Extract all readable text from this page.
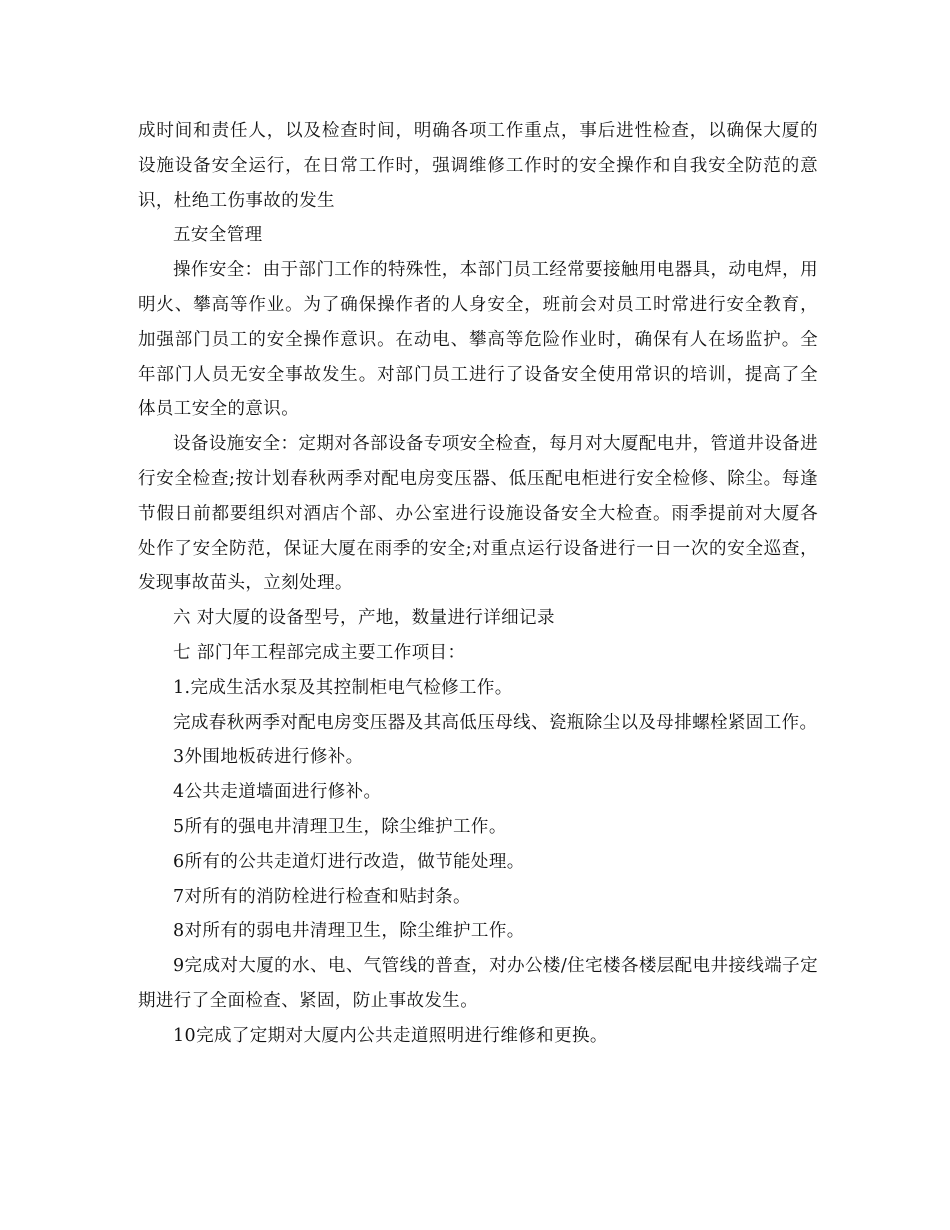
成时间和责任人，以及检查时间，明确各项工作重点，事后进性检查，以确保大厦的设施设备安全运行，在日常工作时，强调维修工作时的安全操作和自我安全防范的意识，杜绝工伤事故的发生

五安全管理

操作安全：由于部门工作的特殊性，本部门员工经常要接触用电器具，动电焊，用明火、攀高等作业。为了确保操作者的人身安全，班前会对员工时常进行安全教育，加强部门员工的安全操作意识。在动电、攀高等危险作业时，确保有人在场监护。全年部门人员无安全事故发生。对部门员工进行了设备安全使用常识的培训，提高了全体员工安全的意识。

设备设施安全：定期对各部设备专项安全检查，每月对大厦配电井，管道井设备进行安全检查;按计划春秋两季对配电房变压器、低压配电柜进行安全检修、除尘。每逢节假日前都要组织对酒店个部、办公室进行设施设备安全大检查。雨季提前对大厦各处作了安全防范，保证大厦在雨季的安全;对重点运行设备进行一日一次的安全巡查，发现事故苗头，立刻处理。

六 对大厦的设备型号，产地，数量进行详细记录

七 部门年工程部完成主要工作项目：

1.完成生活水泵及其控制柜电气检修工作。

完成春秋两季对配电房变压器及其高低压母线、瓷瓶除尘以及母排螺栓紧固工作。

3外围地板砖进行修补。

4公共走道墙面进行修补。

5所有的强电井清理卫生，除尘维护工作。

6所有的公共走道灯进行改造，做节能处理。

7对所有的消防栓进行检查和贴封条。

8对所有的弱电井清理卫生，除尘维护工作。

9完成对大厦的水、电、气管线的普查，对办公楼/住宅楼各楼层配电井接线端子定期进行了全面检查、紧固，防止事故发生。

10完成了定期对大厦内公共走道照明进行维修和更换。
